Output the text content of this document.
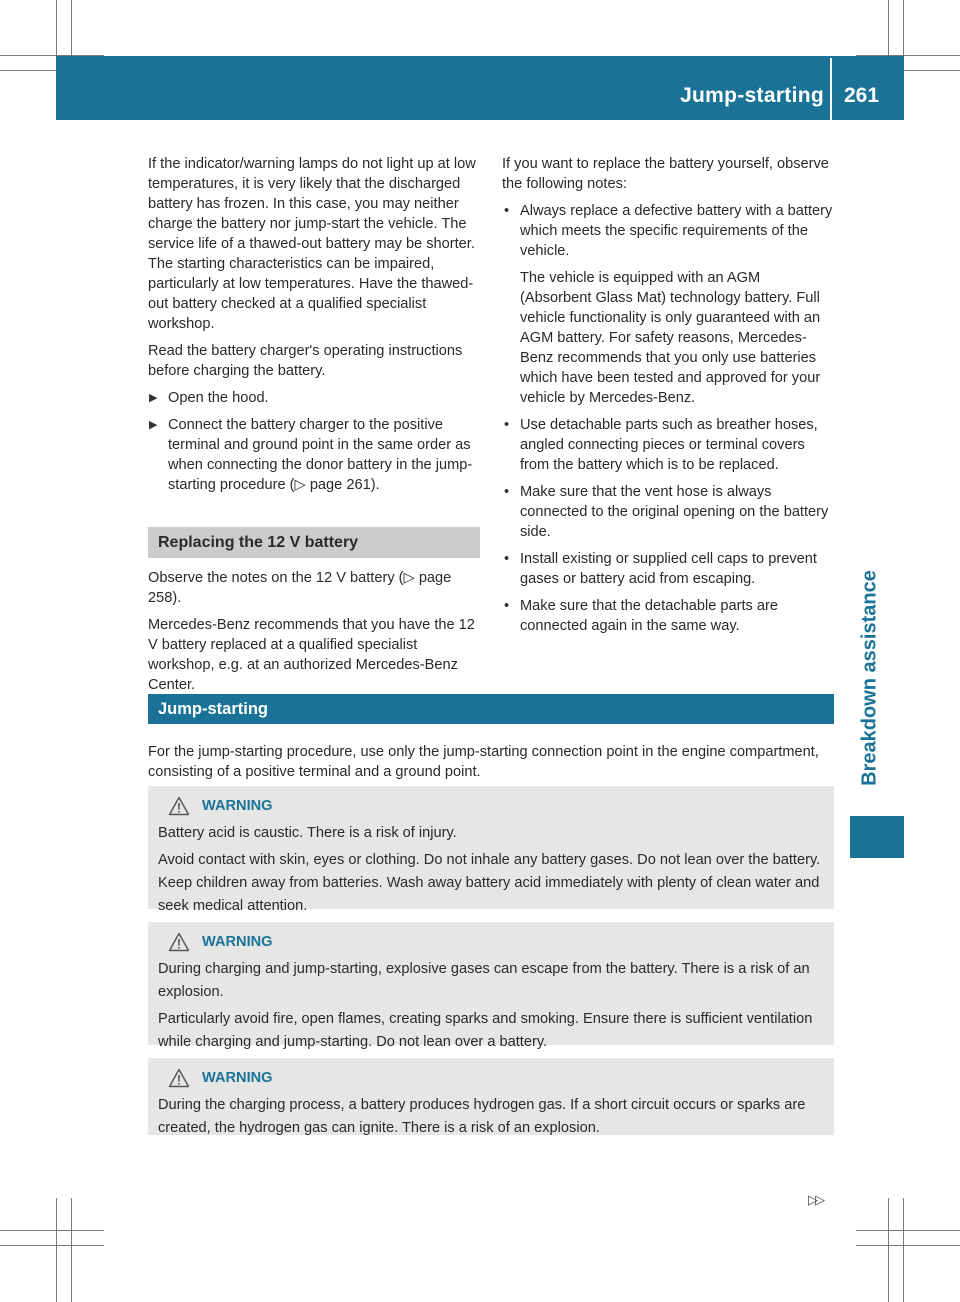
Jump-starting 261
Breakdown assistance

If the indicator/warning lamps do not light up at low temperatures, it is very likely that the discharged battery has frozen. In this case, you may neither charge the battery nor jump-start the vehicle. The service life of a thawed-out battery may be shorter. The starting characteristics can be impaired, particularly at low temperatures. Have the thawed-out battery checked at a qualified specialist workshop.

Read the battery charger's operating instructions before charging the battery.

▶ Open the hood.
▶ Connect the battery charger to the positive terminal and ground point in the same order as when connecting the donor battery in the jump-starting procedure (▷ page 261).
Replacing the 12 V battery

Observe the notes on the 12 V battery (▷ page 258).

Mercedes-Benz recommends that you have the 12 V battery replaced at a qualified specialist workshop, e.g. at an authorized Mercedes-Benz Center.

If you want to replace the battery yourself, observe the following notes:

• Always replace a defective battery with a battery which meets the specific requirements of the vehicle.

The vehicle is equipped with an AGM (Absorbent Glass Mat) technology battery. Full vehicle functionality is only guaranteed with an AGM battery. For safety reasons, Mercedes-Benz recommends that you only use batteries which have been tested and approved for your vehicle by Mercedes-Benz.

• Use detachable parts such as breather hoses, angled connecting pieces or terminal covers from the battery which is to be replaced.
• Make sure that the vent hose is always connected to the original opening on the battery side.
• Install existing or supplied cell caps to prevent gases or battery acid from escaping.
• Make sure that the detachable parts are connected again in the same way.
Jump-starting
For the jump-starting procedure, use only the jump-starting connection point in the engine compartment, consisting of a positive terminal and a ground point.
WARNING

Battery acid is caustic. There is a risk of injury.

Avoid contact with skin, eyes or clothing. Do not inhale any battery gases. Do not lean over the battery. Keep children away from batteries. Wash away battery acid immediately with plenty of clean water and seek medical attention.

WARNING

During charging and jump-starting, explosive gases can escape from the battery. There is a risk of an explosion.

Particularly avoid fire, open flames, creating sparks and smoking. Ensure there is sufficient ventilation while charging and jump-starting. Do not lean over a battery.

WARNING

During the charging process, a battery produces hydrogen gas. If a short circuit occurs or sparks are created, the hydrogen gas can ignite. There is a risk of an explosion.

▷▷
